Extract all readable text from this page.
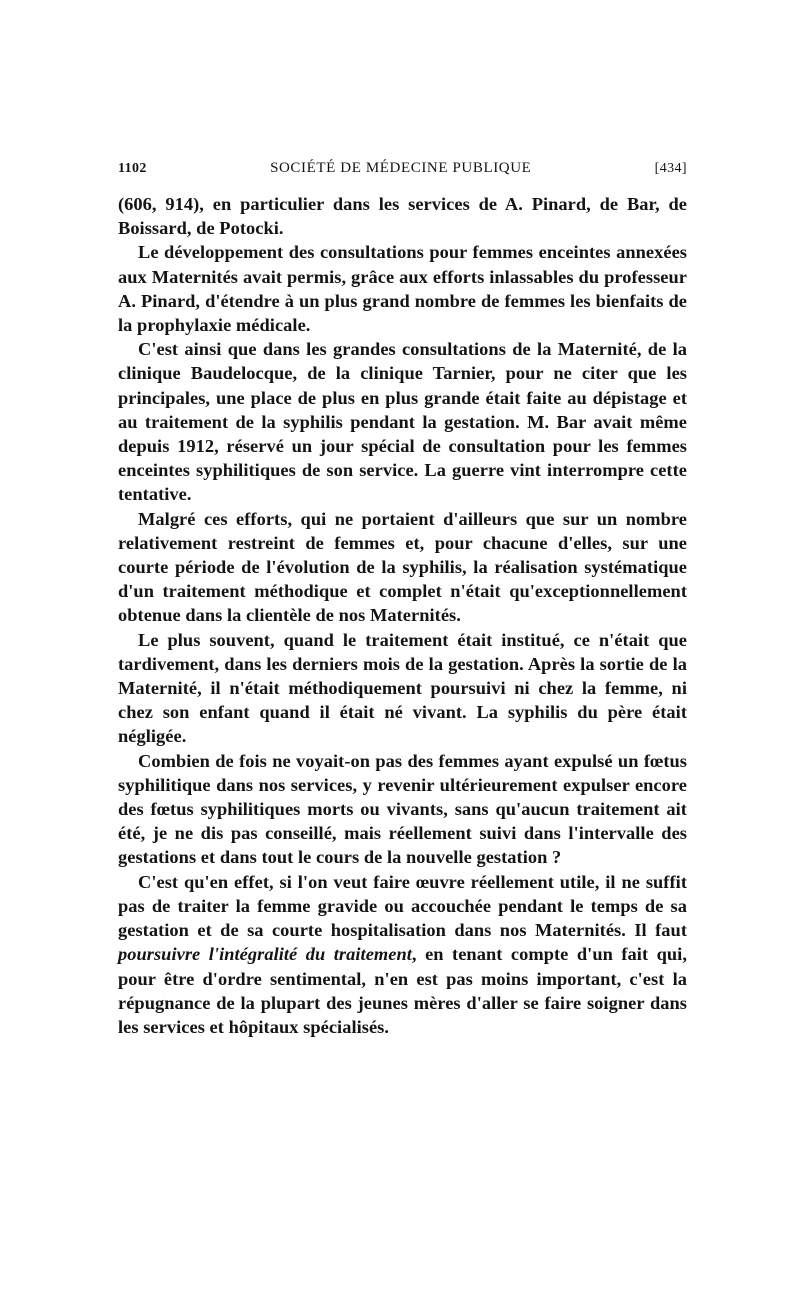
1102	SOCIÉTÉ DE MÉDECINE PUBLIQUE	[434]

(606, 914), en particulier dans les services de A. Pinard, de Bar, de Boissard, de Potocki.

Le développement des consultations pour femmes enceintes annexées aux Maternités avait permis, grâce aux efforts inlassables du professeur A. Pinard, d'étendre à un plus grand nombre de femmes les bienfaits de la prophylaxie médicale.

C'est ainsi que dans les grandes consultations de la Maternité, de la clinique Baudelocque, de la clinique Tarnier, pour ne citer que les principales, une place de plus en plus grande était faite au dépistage et au traitement de la syphilis pendant la gestation. M. Bar avait même depuis 1912, réservé un jour spécial de consultation pour les femmes enceintes syphilitiques de son service. La guerre vint interrompre cette tentative.

Malgré ces efforts, qui ne portaient d'ailleurs que sur un nombre relativement restreint de femmes et, pour chacune d'elles, sur une courte période de l'évolution de la syphilis, la réalisation systématique d'un traitement méthodique et complet n'était qu'exceptionnellement obtenue dans la clientèle de nos Maternités.

Le plus souvent, quand le traitement était institué, ce n'était que tardivement, dans les derniers mois de la gestation. Après la sortie de la Maternité, il n'était méthodiquement poursuivi ni chez la femme, ni chez son enfant quand il était né vivant. La syphilis du père était négligée.

Combien de fois ne voyait-on pas des femmes ayant expulsé un fœtus syphilitique dans nos services, y revenir ultérieurement expulser encore des fœtus syphilitiques morts ou vivants, sans qu'aucun traitement ait été, je ne dis pas conseillé, mais réellement suivi dans l'intervalle des gestations et dans tout le cours de la nouvelle gestation ?

C'est qu'en effet, si l'on veut faire œuvre réellement utile, il ne suffit pas de traiter la femme gravide ou accouchée pendant le temps de sa gestation et de sa courte hospitalisation dans nos Maternités. Il faut poursuivre l'intégralité du traitement, en tenant compte d'un fait qui, pour être d'ordre sentimental, n'en est pas moins important, c'est la répugnance de la plupart des jeunes mères d'aller se faire soigner dans les services et hôpitaux spécialisés.
